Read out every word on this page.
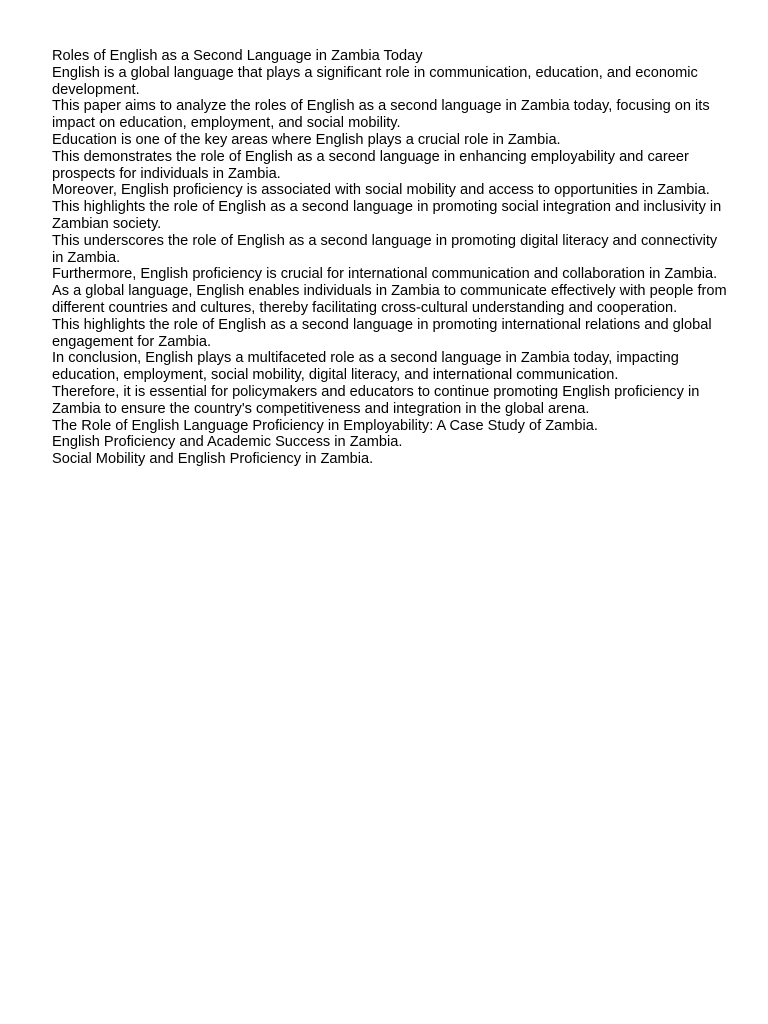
Roles of English as a Second Language in Zambia Today

English is a global language that plays a significant role in communication, education, and economic development.

This paper aims to analyze the roles of English as a second language in Zambia today, focusing on its impact on education, employment, and social mobility.

Education is one of the key areas where English plays a crucial role in Zambia.

This demonstrates the role of English as a second language in enhancing employability and career prospects for individuals in Zambia.

Moreover, English proficiency is associated with social mobility and access to opportunities in Zambia.

This highlights the role of English as a second language in promoting social integration and inclusivity in Zambian society.

This underscores the role of English as a second language in promoting digital literacy and connectivity in Zambia.

Furthermore, English proficiency is crucial for international communication and collaboration in Zambia.

As a global language, English enables individuals in Zambia to communicate effectively with people from different countries and cultures, thereby facilitating cross-cultural understanding and cooperation.

This highlights the role of English as a second language in promoting international relations and global engagement for Zambia.

In conclusion, English plays a multifaceted role as a second language in Zambia today, impacting education, employment, social mobility, digital literacy, and international communication.

Therefore, it is essential for policymakers and educators to continue promoting English proficiency in Zambia to ensure the country's competitiveness and integration in the global arena.

The Role of English Language Proficiency in Employability: A Case Study of Zambia.

English Proficiency and Academic Success in Zambia.

Social Mobility and English Proficiency in Zambia.
